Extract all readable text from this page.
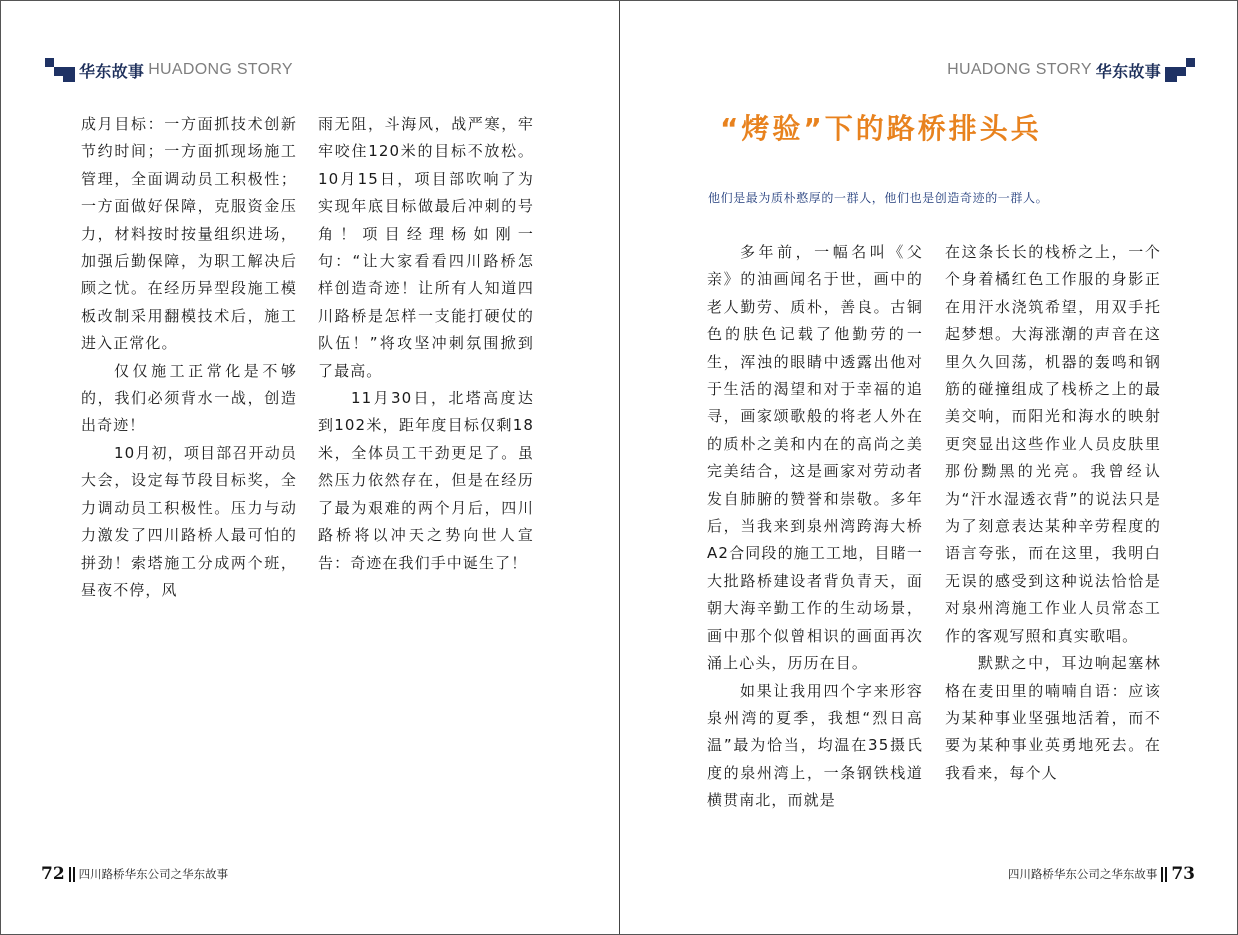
华东故事 HUADONG STORY

成月目标：一方面抓技术创新节约时间；一方面抓现场施工管理，全面调动员工积极性；一方面做好保障，克服资金压力，材料按时按量组织进场，加强后勤保障，为职工解决后顾之忧。在经历异型段施工模板改制采用翻模技术后，施工进入正常化。

仅仅施工正常化是不够的，我们必须背水一战，创造出奇迹！

10月初，项目部召开动员大会，设定每节段目标奖，全力调动员工积极性。压力与动力激发了四川路桥人最可怕的拼劲！索塔施工分成两个班，昼夜不停，风

雨无阻，斗海风，战严寒，牢牢咬住120米的目标不放松。10月15日，项目部吹响了为实现年底目标做最后冲刺的号角！项目经理杨如刚一句：“让大家看看四川路桥怎样创造奇迹！让所有人知道四川路桥是怎样一支能打硬仗的队伍！”将攻坚冲刺氛围掀到了最高。

11月30日，北塔高度达到102米，距年度目标仅剩18米，全体员工干劲更足了。虽然压力依然存在，但是在经历了最为艰难的两个月后，四川路桥将以冲天之势向世人宣告：奇迹在我们手中诞生了！

72 四川路桥华东公司之华东故事
HUADONG STORY 华东故事
“烤验”下的路桥排头兵
他们是最为质朴憨厚的一群人，他们也是创造奇迹的一群人。

多年前，一幅名叫《父亲》的油画闻名于世，画中的老人勤劳、质朴，善良。古铜色的肤色记载了他勤劳的一生，浑浊的眼睛中透露出他对于生活的渴望和对于幸福的追寻，画家颂歌般的将老人外在的质朴之美和内在的高尚之美完美结合，这是画家对劳动者发自肺腑的赞誉和崇敬。多年后，当我来到泉州湾跨海大桥A2合同段的施工工地，目睹一大批路桥建设者背负青天，面朝大海辛勤工作的生动场景，画中那个似曾相识的画面再次涌上心头，历历在目。

如果让我用四个字来形容泉州湾的夏季，我想“烈日高温”最为恰当，均温在35摄氏度的泉州湾上，一条钢铁栈道横贯南北，而就是

在这条长长的栈桥之上，一个个身着橘红色工作服的身影正在用汗水浇筑希望，用双手托起梦想。大海涨潮的声音在这里久久回荡，机器的轰鸣和钢筋的碰撞组成了栈桥之上的最美交响，而阳光和海水的映射更突显出这些作业人员皮肤里那份黝黑的光亮。我曾经认为“汗水湿透衣背”的说法只是为了刻意表达某种辛劳程度的语言夸张，而在这里，我明白无误的感受到这种说法恰恰是对泉州湾施工作业人员常态工作的客观写照和真实歌唱。

默默之中，耳边响起塞林格在麦田里的喃喃自语：应该为某种事业坚强地活着，而不要为某种事业英勇地死去。在我看来，每个人

四川路桥华东公司之华东故事 73
